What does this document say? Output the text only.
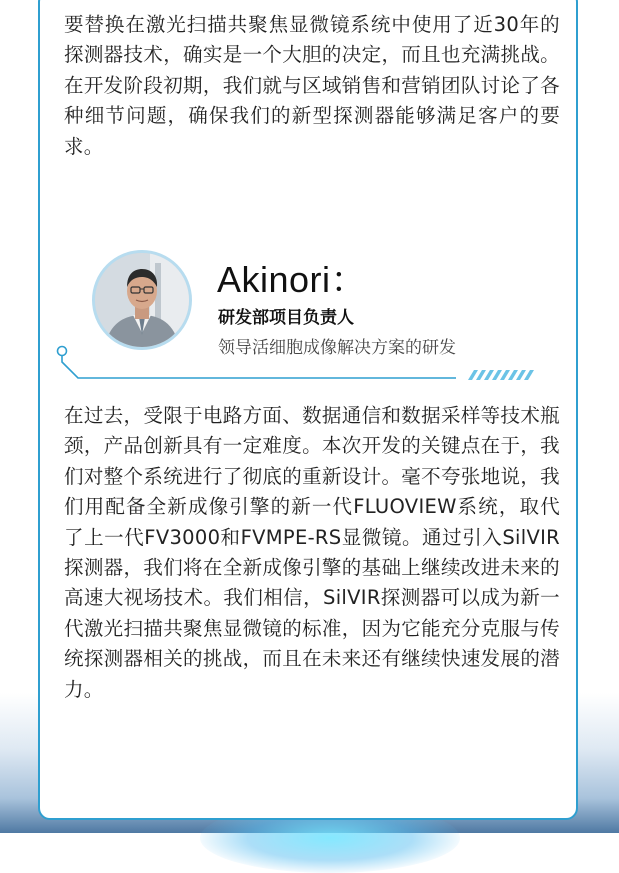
要替换在激光扫描共聚焦显微镜系统中使用了近30年的探测器技术，确实是一个大胆的决定，而且也充满挑战。在开发阶段初期，我们就与区域销售和营销团队讨论了各种细节问题，确保我们的新型探测器能够满足客户的要求。

Akinori：
研发部项目负责人
领导活细胞成像解决方案的研发

在过去，受限于电路方面、数据通信和数据采样等技术瓶颈，产品创新具有一定难度。本次开发的关键点在于，我们对整个系统进行了彻底的重新设计。毫不夸张地说，我们用配备全新成像引擎的新一代FLUOVIEW系统，取代了上一代FV3000和FVMPE-RS显微镜。通过引入SilVIR探测器，我们将在全新成像引擎的基础上继续改进未来的高速大视场技术。我们相信，SilVIR探测器可以成为新一代激光扫描共聚焦显微镜的标准，因为它能充分克服与传统探测器相关的挑战，而且在未来还有继续快速发展的潜力。
